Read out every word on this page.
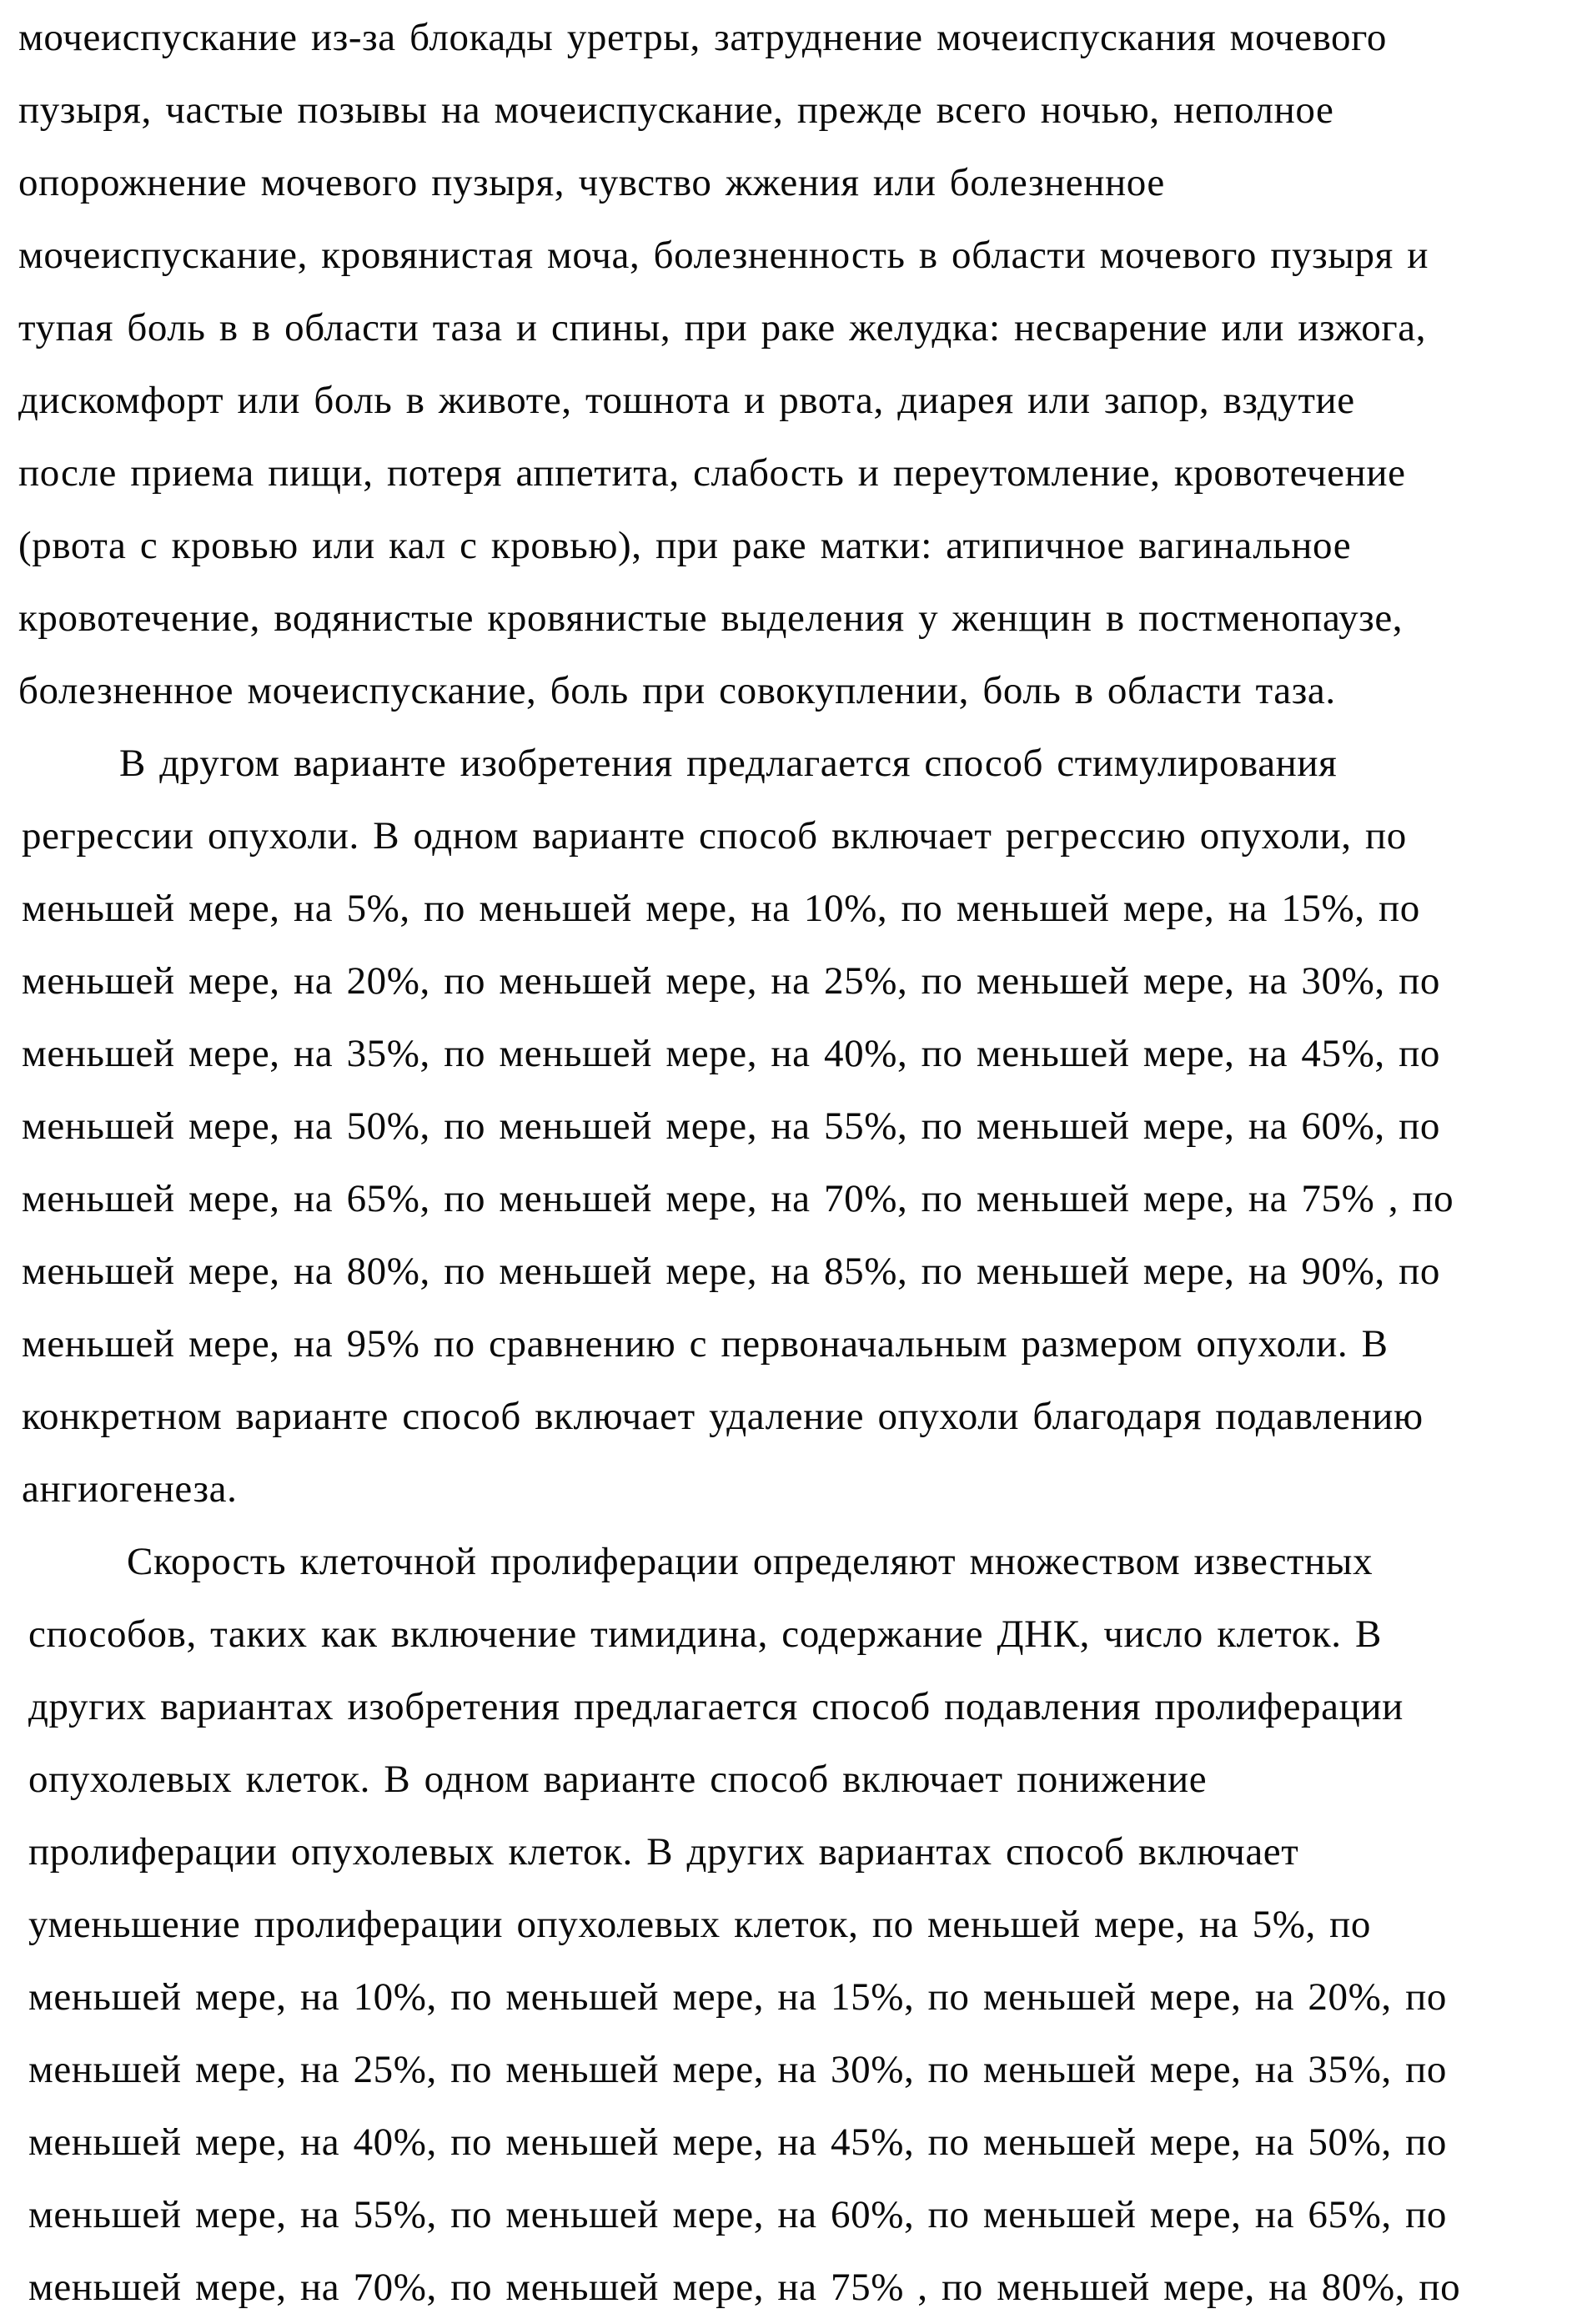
мочеиспускание из-за блокады уретры, затруднение мочеиспускания мочевого
пузыря, частые позывы на мочеиспускание, прежде всего ночью, неполное
опорожнение мочевого пузыря, чувство жжения или болезненное
мочеиспускание, кровянистая моча, болезненность в области мочевого пузыря и
тупая боль в в области таза и спины, при раке желудка: несварение или изжога,
дискомфорт или боль в животе, тошнота и рвота, диарея или запор, вздутие
после приема пищи, потеря аппетита, слабость и переутомление, кровотечение
(рвота с кровью или кал с кровью), при раке матки: атипичное вагинальное
кровотечение, водянистые кровянистые выделения у женщин в постменопаузе,
болезненное мочеиспускание, боль при совокуплении, боль в области таза.
В другом варианте изобретения предлагается способ стимулирования
регрессии опухоли. В одном варианте способ включает регрессию опухоли, по
меньшей мере, на 5%, по меньшей мере, на 10%, по меньшей мере, на 15%, по
меньшей мере, на 20%, по меньшей мере, на 25%, по меньшей мере, на 30%, по
меньшей мере, на 35%, по меньшей мере, на 40%, по меньшей мере, на 45%, по
меньшей мере, на 50%, по меньшей мере, на 55%, по меньшей мере, на 60%, по
меньшей мере, на 65%, по меньшей мере, на 70%, по меньшей мере, на 75% , по
меньшей мере, на 80%, по меньшей мере, на 85%, по меньшей мере, на 90%, по
меньшей мере, на 95% по сравнению с первоначальным размером опухоли. В
конкретном варианте способ включает удаление опухоли благодаря подавлению
ангиогенеза.
Скорость клеточной пролиферации определяют множеством известных
способов, таких как включение тимидина, содержание ДНК, число клеток. В
других вариантах изобретения предлагается способ подавления пролиферации
опухолевых клеток. В одном варианте способ включает понижение
пролиферации опухолевых клеток. В других вариантах способ включает
уменьшение пролиферации опухолевых клеток, по меньшей мере, на 5%, по
меньшей мере, на 10%, по меньшей мере, на 15%, по меньшей мере, на 20%, по
меньшей мере, на 25%, по меньшей мере, на 30%, по меньшей мере, на 35%, по
меньшей мере, на 40%, по меньшей мере, на 45%, по меньшей мере, на 50%, по
меньшей мере, на 55%, по меньшей мере, на 60%, по меньшей мере, на 65%, по
меньшей мере, на 70%, по меньшей мере, на 75% , по меньшей мере, на 80%, по
